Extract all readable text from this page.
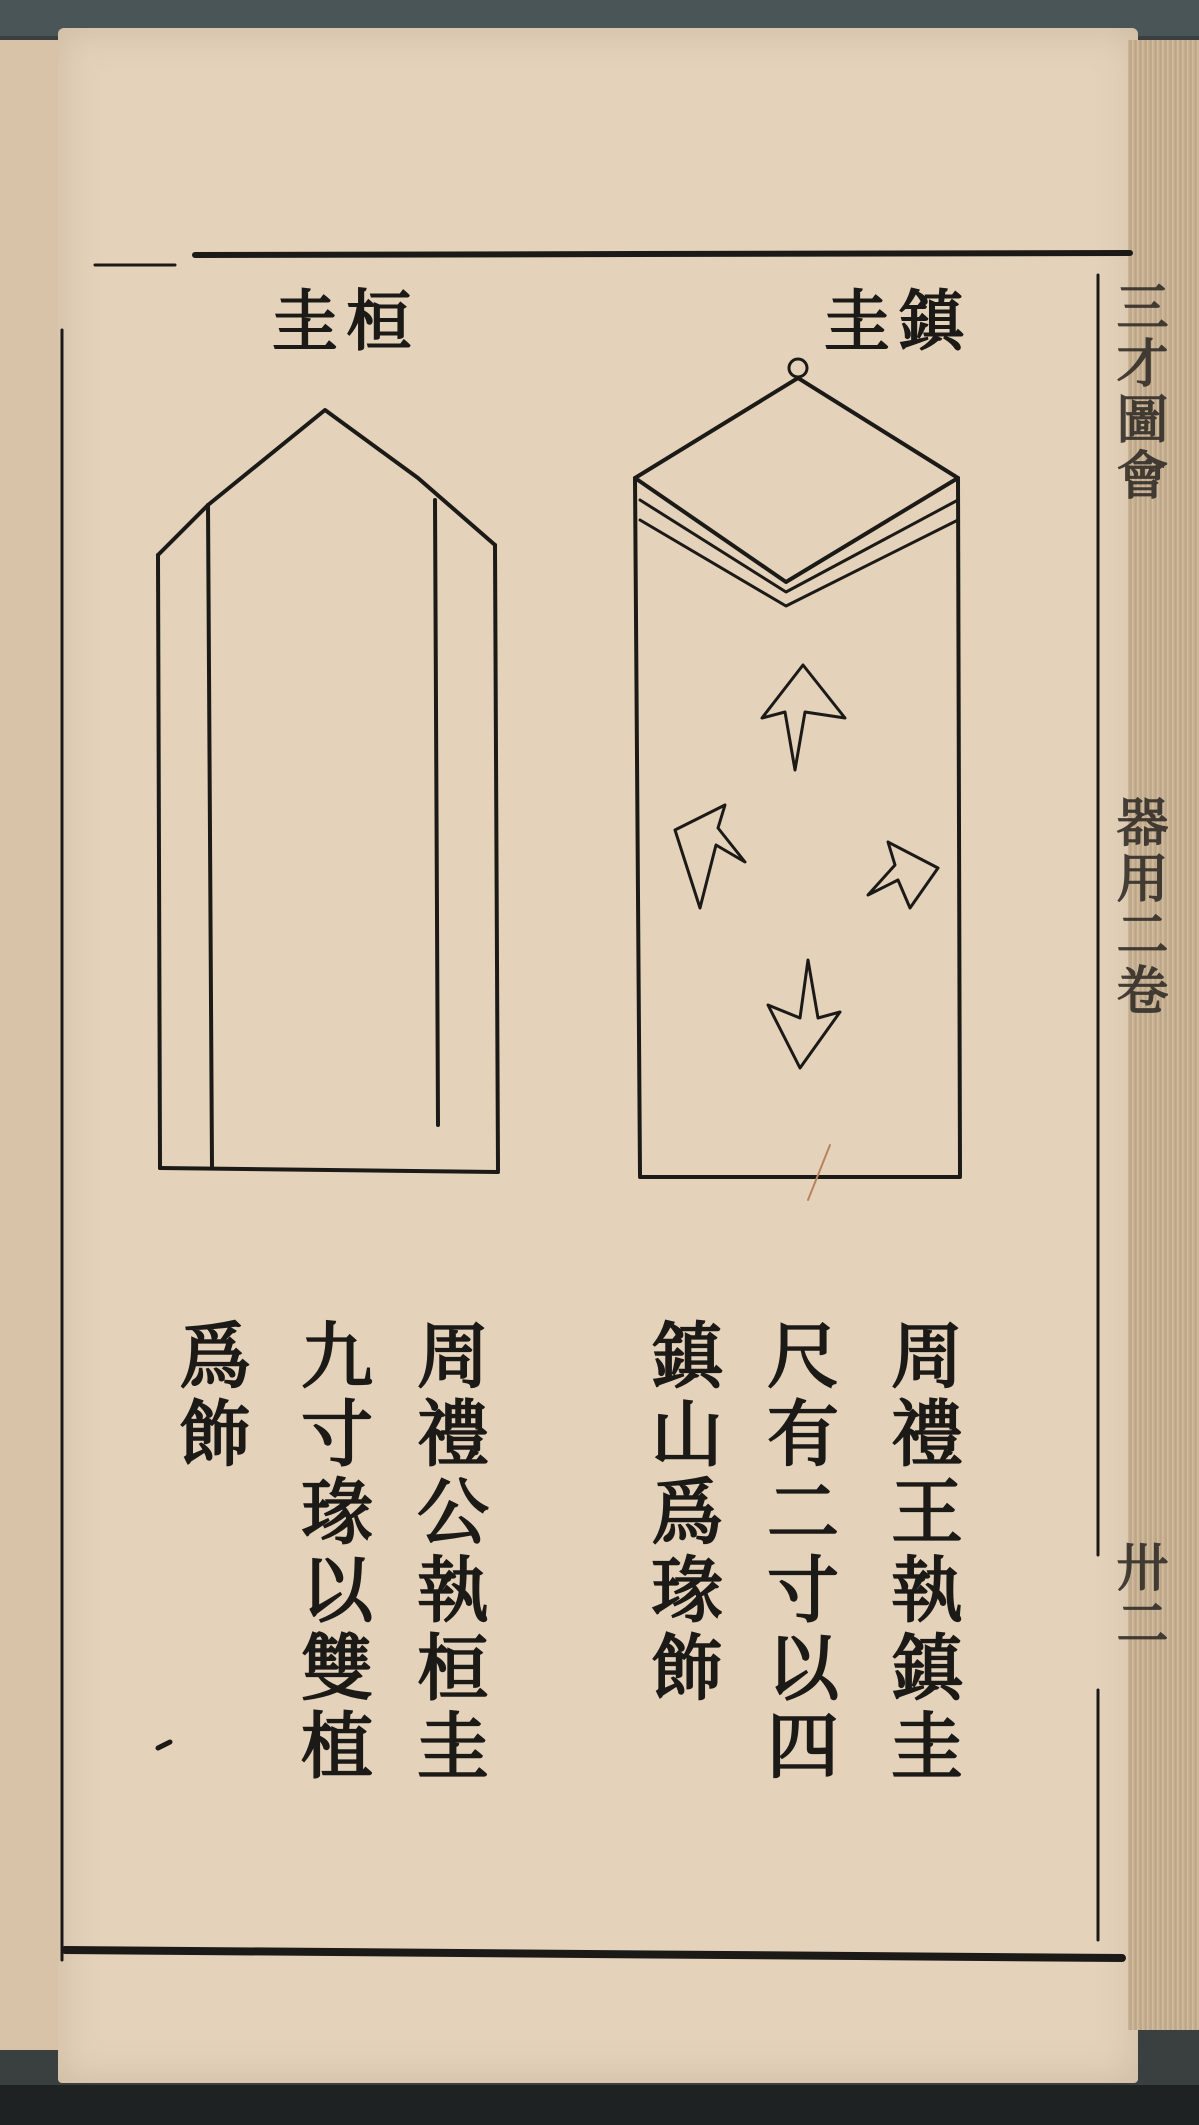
鎮圭
桓圭
周禮王執鎮圭
尺有二寸以四
鎮山爲瑑飾
周禮公執桓圭
九寸瑑以雙植
爲飾
三才圖會
器用二卷
卅二
